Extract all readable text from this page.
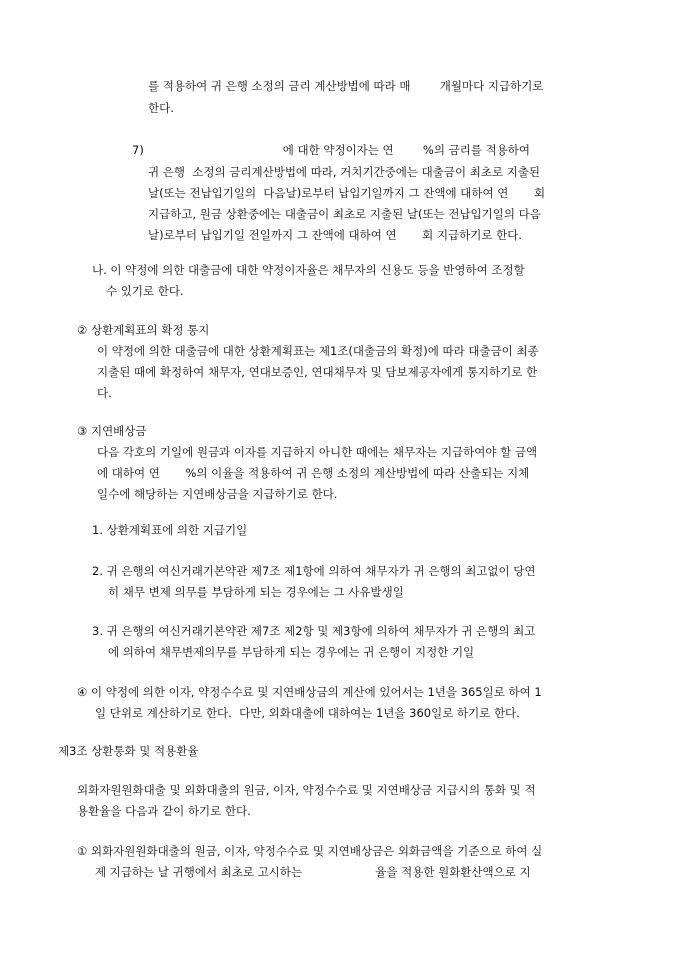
를 적용하여 귀 은행 소정의 금리 계산방법에 따라 매        개월마다 지급하기로
한다.
7)                                      에 대한 약정이자는 연        %의 금리를 적용하여
귀 은행  소정의 금리계산방법에 따라, 거치기간중에는 대출금이 최초로 지출된
날(또는 전납입기일의  다음날)로부터 납입기일까지 그 잔액에 대하여 연       회
지급하고, 원금 상환중에는 대출금이 최초로 지출된 날(또는 전납입기일의 다음
날)로부터 납입기일 전일까지 그 잔액에 대하여 연       회 지급하기로 한다.
나. 이 약정에 의한 대출금에 대한 약정이자율은 채무자의 신용도 등을 반영하여 조정할
수 있기로 한다.
② 상환계획표의 확정 통지
이 약정에 의한 대출금에 대한 상환계획표는 제1조(대출금의 확정)에 따라 대출금이 최종
지출된 때에 확정하여 채무자, 연대보증인, 연대채무자 및 담보제공자에게 통지하기로 한
다.
③ 지연배상금
다음 각호의 기일에 원금과 이자를 지급하지 아니한 때에는 채무자는 지급하여야 할 금액
에 대하여 연       %의 이율을 적용하여 귀 은행 소정의 계산방법에 따라 산출되는 지체
일수에 해당하는 지연배상금을 지급하기로 한다.
1. 상환계획표에 의한 지급기일
2. 귀 은행의 여신거래기본약관 제7조 제1항에 의하여 채무자가 귀 은행의 최고없이 당연
히 채무 변제 의무를 부담하게 되는 경우에는 그 사유발생일
3. 귀 은행의 여신거래기본약관 제7조 제2항 및 제3항에 의하여 채무자가 귀 은행의 최고
에 의하여 채무변제의무를 부담하게 되는 경우에는 귀 은행이 지정한 기일
④ 이 약정에 의한 이자, 약정수수료 및 지연배상금의 계산에 있어서는 1년을 365일로 하여 1
일 단위로 계산하기로 한다.  다만, 외화대출에 대하여는 1년을 360일로 하기로 한다.
제3조 상환통화 및 적용환율
외화자원원화대출 및 외화대출의 원금, 이자, 약정수수료 및 지연배상금 지급시의 통화 및 적
용환율을 다음과 같이 하기로 한다.
① 외화자원원화대출의 원금, 이자, 약정수수료 및 지연배상금은 외화금액을 기준으로 하여 실
제 지급하는 날 귀행에서 최초로 고시하는                    율을 적용한 원화환산액으로 지
